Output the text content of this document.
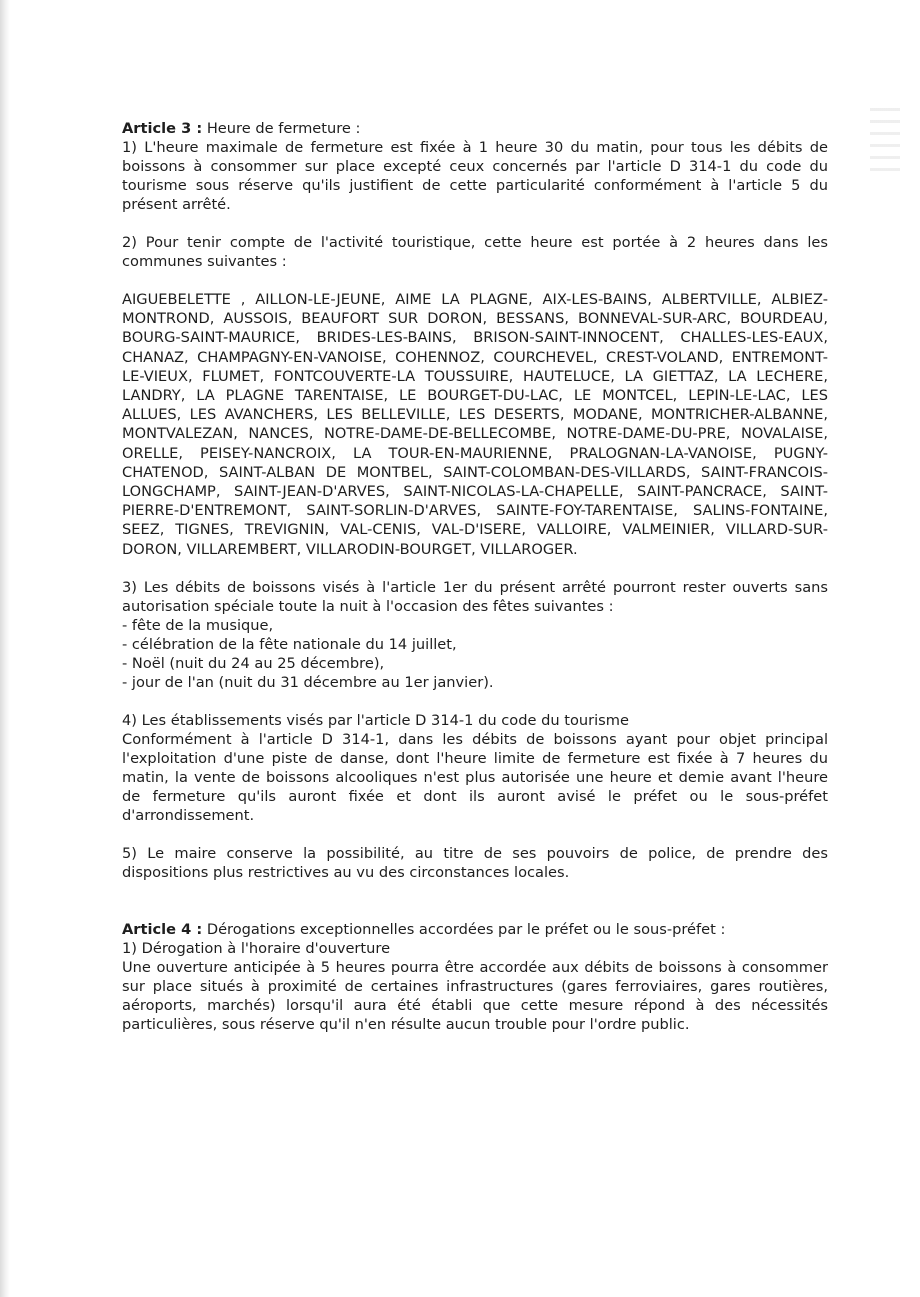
Article 3 : Heure de fermeture :

1) L'heure maximale de fermeture est fixée à 1 heure 30 du matin, pour tous les débits de boissons à consommer sur place excepté ceux concernés par l'article D 314-1 du code du tourisme sous réserve qu'ils justifient de cette particularité conformément à l'article 5 du présent arrêté.

2) Pour tenir compte de l'activité touristique, cette heure est portée à 2 heures dans les communes suivantes :

AIGUEBELETTE , AILLON-LE-JEUNE, AIME LA PLAGNE, AIX-LES-BAINS, ALBERTVILLE, ALBIEZ-MONTROND, AUSSOIS, BEAUFORT SUR DORON, BESSANS, BONNEVAL-SUR-ARC, BOURDEAU, BOURG-SAINT-MAURICE, BRIDES-LES-BAINS, BRISON-SAINT-INNOCENT, CHALLES-LES-EAUX, CHANAZ, CHAMPAGNY-EN-VANOISE, COHENNOZ, COURCHEVEL, CREST-VOLAND, ENTREMONT-LE-VIEUX, FLUMET, FONTCOUVERTE-LA TOUSSUIRE, HAUTELUCE, LA GIETTAZ, LA LECHERE, LANDRY, LA PLAGNE TARENTAISE, LE BOURGET-DU-LAC, LE MONTCEL, LEPIN-LE-LAC, LES ALLUES, LES AVANCHERS, LES BELLEVILLE, LES DESERTS, MODANE, MONTRICHER-ALBANNE, MONTVALEZAN, NANCES, NOTRE-DAME-DE-BELLECOMBE, NOTRE-DAME-DU-PRE, NOVALAISE, ORELLE, PEISEY-NANCROIX, LA TOUR-EN-MAURIENNE, PRALOGNAN-LA-VANOISE, PUGNY-CHATENOD, SAINT-ALBAN DE MONTBEL, SAINT-COLOMBAN-DES-VILLARDS, SAINT-FRANCOIS-LONGCHAMP, SAINT-JEAN-D'ARVES, SAINT-NICOLAS-LA-CHAPELLE, SAINT-PANCRACE, SAINT-PIERRE-D'ENTREMONT, SAINT-SORLIN-D'ARVES, SAINTE-FOY-TARENTAISE, SALINS-FONTAINE, SEEZ, TIGNES, TREVIGNIN, VAL-CENIS, VAL-D'ISERE, VALLOIRE, VALMEINIER, VILLARD-SUR-DORON, VILLAREMBERT, VILLARODIN-BOURGET, VILLAROGER.

3) Les débits de boissons visés à l'article 1er du présent arrêté pourront rester ouverts sans autorisation spéciale toute la nuit à l'occasion des fêtes suivantes :

- fête de la musique,

- célébration de la fête nationale du 14 juillet,

- Noël (nuit du 24 au 25 décembre),

- jour de l'an (nuit du 31 décembre au 1er janvier).

4) Les établissements visés par l'article D 314-1 du code du tourisme

Conformément à l'article D 314-1, dans les débits de boissons ayant pour objet principal l'exploitation d'une piste de danse, dont l'heure limite de fermeture est fixée à 7 heures du matin, la vente de boissons alcooliques n'est plus autorisée une heure et demie avant l'heure de fermeture qu'ils auront fixée et dont ils auront avisé le préfet ou le sous-préfet d'arrondissement.

5) Le maire conserve la possibilité, au titre de ses pouvoirs de police, de prendre des dispositions plus restrictives au vu des circonstances locales.

Article 4 : Dérogations exceptionnelles accordées par le préfet ou le sous-préfet :

1) Dérogation à l'horaire d'ouverture

Une ouverture anticipée à 5 heures pourra être accordée aux débits de boissons à consommer sur place situés à proximité de certaines infrastructures (gares ferroviaires, gares routières, aéroports, marchés) lorsqu'il aura été établi que cette mesure répond à des nécessités particulières, sous réserve qu'il n'en résulte aucun trouble pour l'ordre public.
